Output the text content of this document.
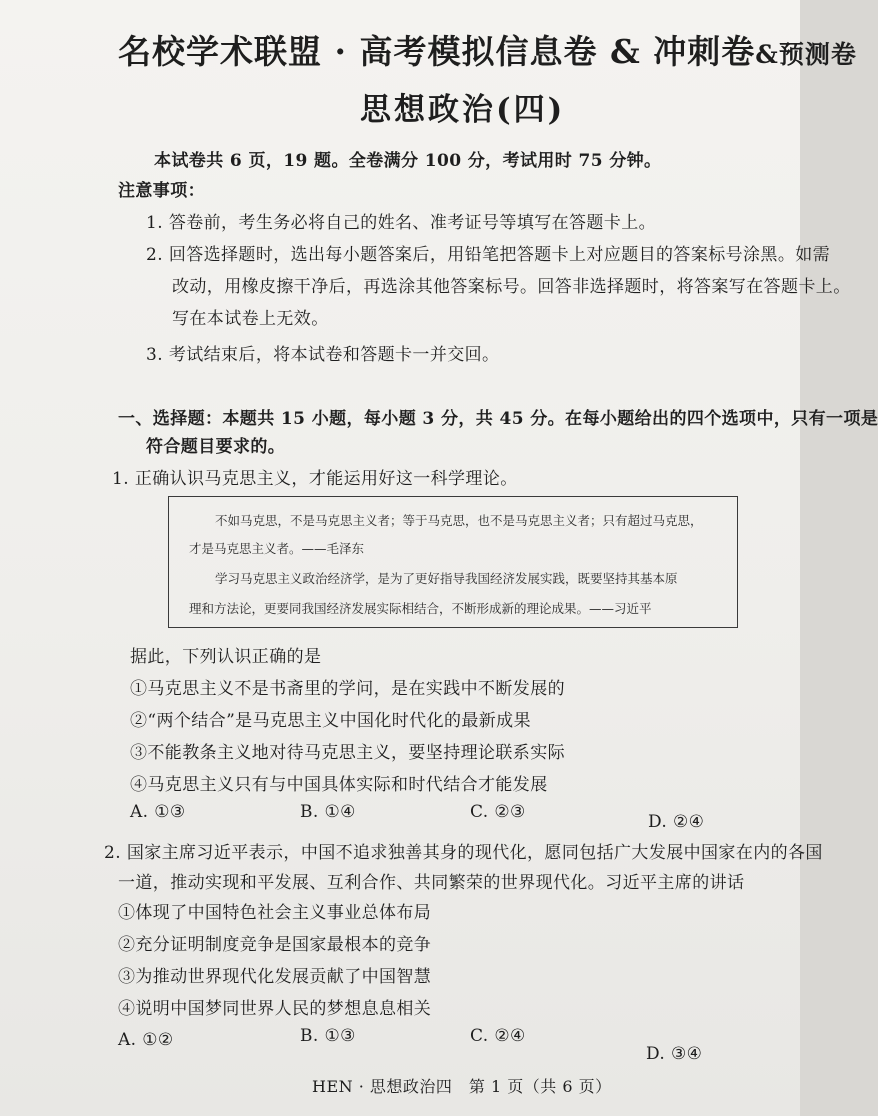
名校学术联盟 · 高考模拟信息卷 & 冲刺卷&预测卷
思想政治(四)
本试卷共 6 页，19 题。全卷满分 100 分，考试用时 75 分钟。
注意事项：
1. 答卷前，考生务必将自己的姓名、准考证号等填写在答题卡上。
2. 回答选择题时，选出每小题答案后，用铅笔把答题卡上对应题目的答案标号涂黑。如需
改动，用橡皮擦干净后，再选涂其他答案标号。回答非选择题时，将答案写在答题卡上。
写在本试卷上无效。
3. 考试结束后，将本试卷和答题卡一并交回。
一、选择题：本题共 15 小题，每小题 3 分，共 45 分。在每小题给出的四个选项中，只有一项是
符合题目要求的。
1. 正确认识马克思主义，才能运用好这一科学理论。
不如马克思，不是马克思主义者；等于马克思，也不是马克思主义者；只有超过马克思，
才是马克思主义者。——毛泽东
学习马克思主义政治经济学，是为了更好指导我国经济发展实践，既要坚持其基本原
理和方法论，更要同我国经济发展实际相结合，不断形成新的理论成果。——习近平
据此，下列认识正确的是
①马克思主义不是书斋里的学问，是在实践中不断发展的
②“两个结合”是马克思主义中国化时代化的最新成果
③不能教条主义地对待马克思主义，要坚持理论联系实际
④马克思主义只有与中国具体实际和时代结合才能发展
A. ①③	B. ①④	C. ②③	D. ②④
2. 国家主席习近平表示，中国不追求独善其身的现代化，愿同包括广大发展中国家在内的各国
一道，推动实现和平发展、互利合作、共同繁荣的世界现代化。习近平主席的讲话
①体现了中国特色社会主义事业总体布局
②充分证明制度竞争是国家最根本的竞争
③为推动世界现代化发展贡献了中国智慧
④说明中国梦同世界人民的梦想息息相关
A. ①②	B. ①③	C. ②④
D. ③④
HEN · 思想政治四　第 1 页（共 6 页）
